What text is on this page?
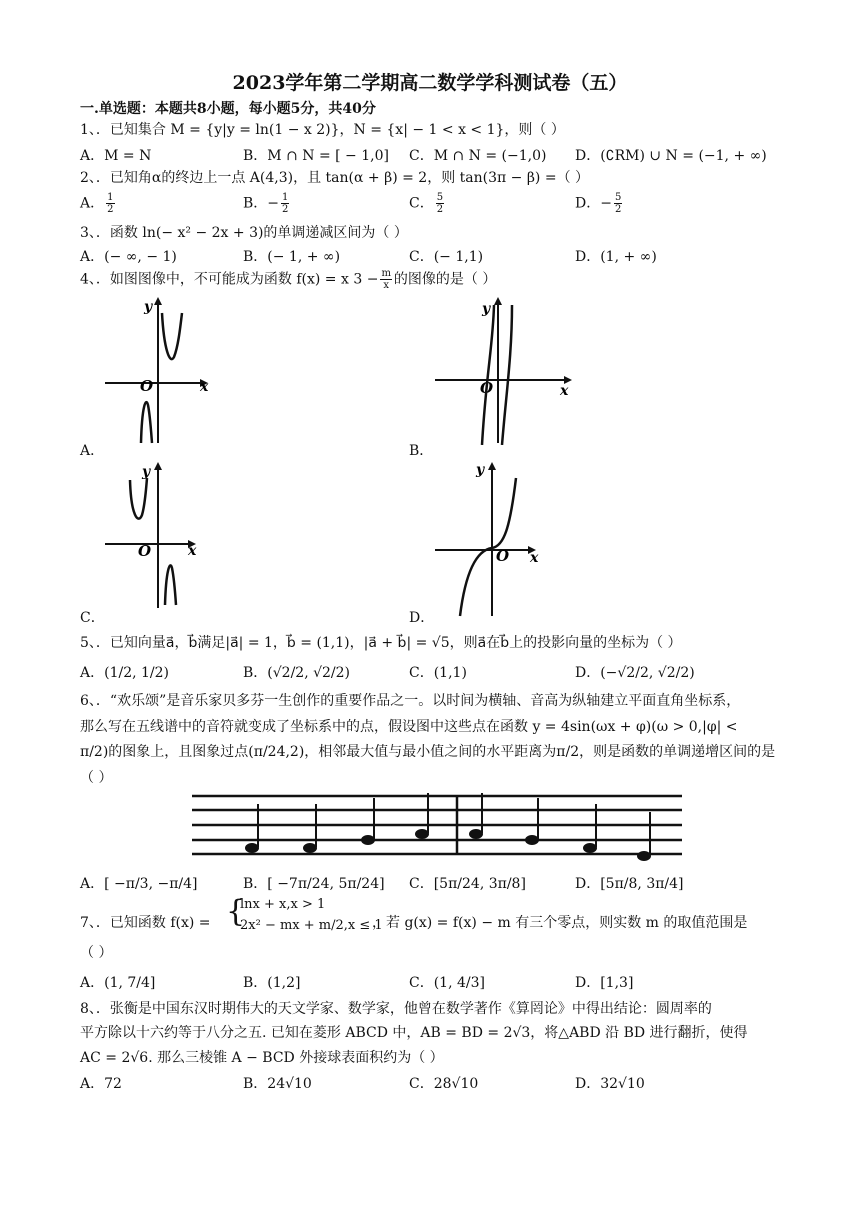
2023学年第二学期高二数学学科测试卷（五）
一.单选题：本题共8小题，每小题5分，共40分
1、．已知集合 M = {y|y = ln(1 − x 2)}，N = {x| − 1 < x < 1}，则（ ）
A．M = N	B．M ∩ N = [ − 1,0] C．M ∩ N = (−1,0) D．(∁RM) ∪ N = (−1, + ∞)
2、．已知角α的终边上一点 A(4,3)，且 tan(α + β) = 2，则 tan(3π − β) =（ ）
A． $\frac{1}{2}$	B．− $\frac{1}{2}$	C． $\frac{5}{2}$	D．− $\frac{5}{2}$
3、．函数 ln(− x² − 2x + 3)的单调递减区间为（ ）
A．(− ∞, − 1)	B．(− 1, + ∞)	C．(− 1,1)	D．(1, + ∞)
4、．如图图像中，不可能成为函数 f(x) = x $3 - \frac{m}{x}$ 的图像的是（ ）
y
x
O
A．
y
x
O
B．
y
x
O
C．
y
x
O
D．
5、．已知向量a⃗，b⃗满足|a⃗| = 1，b⃗ = (1,1)，|a⃗ + b⃗| = √5，则a⃗在b⃗上的投影向量的坐标为（ ）
A．(1/2, 1/2)	B．(√2/2, √2/2)	C．(1,1)	D．(−√2/2, √2/2)
6、．“欢乐颂”是音乐家贝多芬一生创作的重要作品之一。以时间为横轴、音高为纵轴建立平面直角坐标系，
那么写在五线谱中的音符就变成了坐标系中的点，假设图中这些点在函数 y = 4sin(ωx + φ)(ω > 0,|φ| <
π/2)的图象上，且图象过点(π/24,2)，相邻最大值与最小值之间的水平距离为π/2，则是函数的单调递增区间的是
（ ）
A．[ −π/3, −π/4]	B．[ −7π/24, 5π/24] C．[5π/24, 3π/8]	D．[5π/8, 3π/4]
7、．已知函数 f(x) = {
lnx + x,x > 1
2x² − mx + m/2,x ≤ 1
，若 g(x) = f(x) − m 有三个零点，则实数 m 的取值范围是
（ ）
A．(1, 7/4]	B．(1,2]	C．(1, 4/3]	D．[1,3]
8、．张衡是中国东汉时期伟大的天文学家、数学家，他曾在数学著作《算罔论》中得出结论：圆周率的
平方除以十六约等于八分之五. 已知在菱形 ABCD 中，AB = BD = 2√3，将△ABD 沿 BD 进行翻折，使得
AC = 2√6. 那么三棱锥 A − BCD 外接球表面积约为（ ）
A．72	B．24√10	C．28√10	D．32√10
